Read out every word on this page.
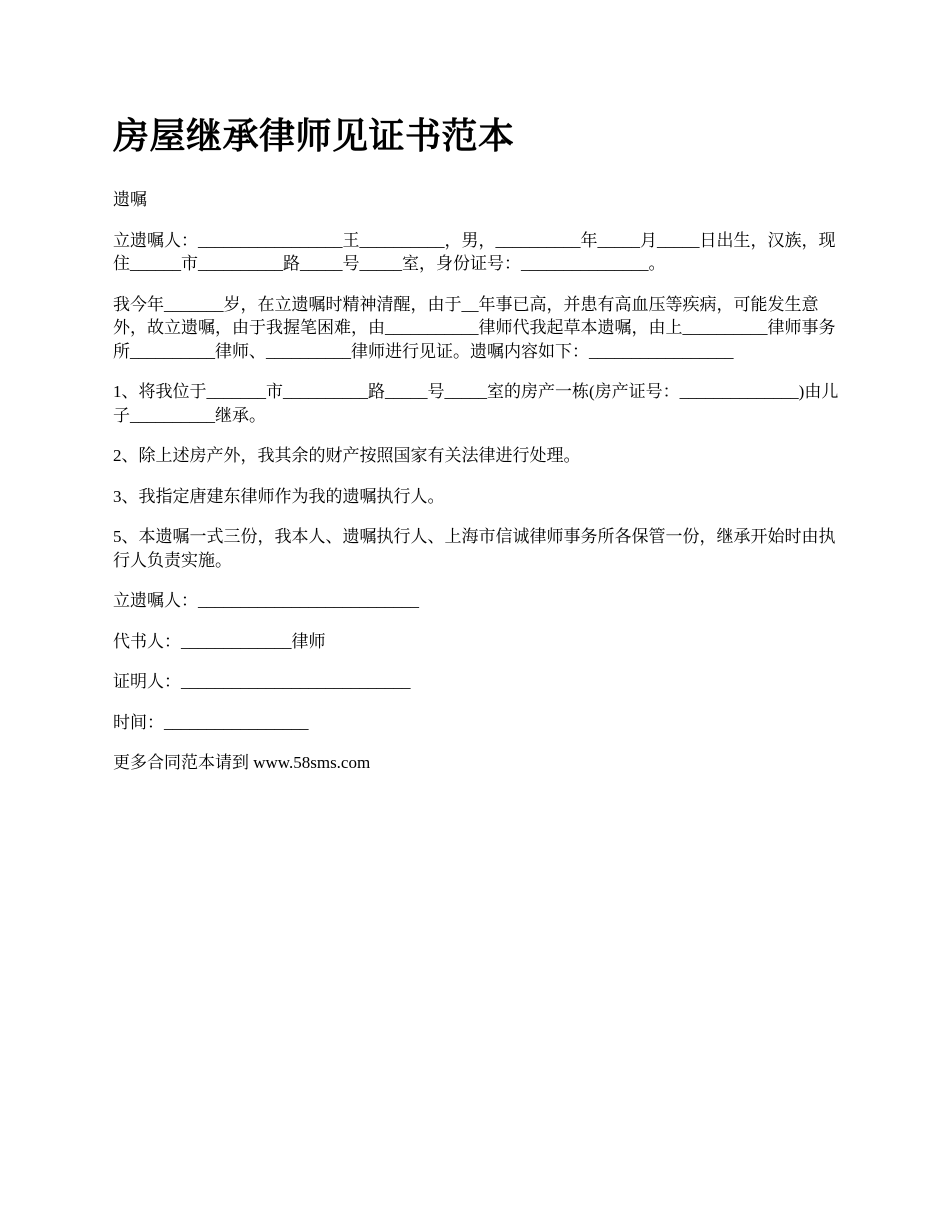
房屋继承律师见证书范本

遗嘱

立遗嘱人：_________________王__________，男，__________年_____月_____日出生，汉族，现住______市__________路_____号_____室，身份证号：_______________。

我今年_______岁，在立遗嘱时精神清醒，由于__年事已高，并患有高血压等疾病，可能发生意外，故立遗嘱，由于我握笔困难，由___________律师代我起草本遗嘱，由上__________律师事务所__________律师、__________律师进行见证。遗嘱内容如下：_________________

1、将我位于_______市__________路_____号_____室的房产一栋(房产证号：______________)由儿子__________继承。

2、除上述房产外，我其余的财产按照国家有关法律进行处理。

3、我指定唐建东律师作为我的遗嘱执行人。

5、本遗嘱一式三份，我本人、遗嘱执行人、上海市信诚律师事务所各保管一份，继承开始时由执行人负责实施。

立遗嘱人：__________________________

代书人：_____________律师

证明人：___________________________

时间：_________________

更多合同范本请到 www.58sms.com
